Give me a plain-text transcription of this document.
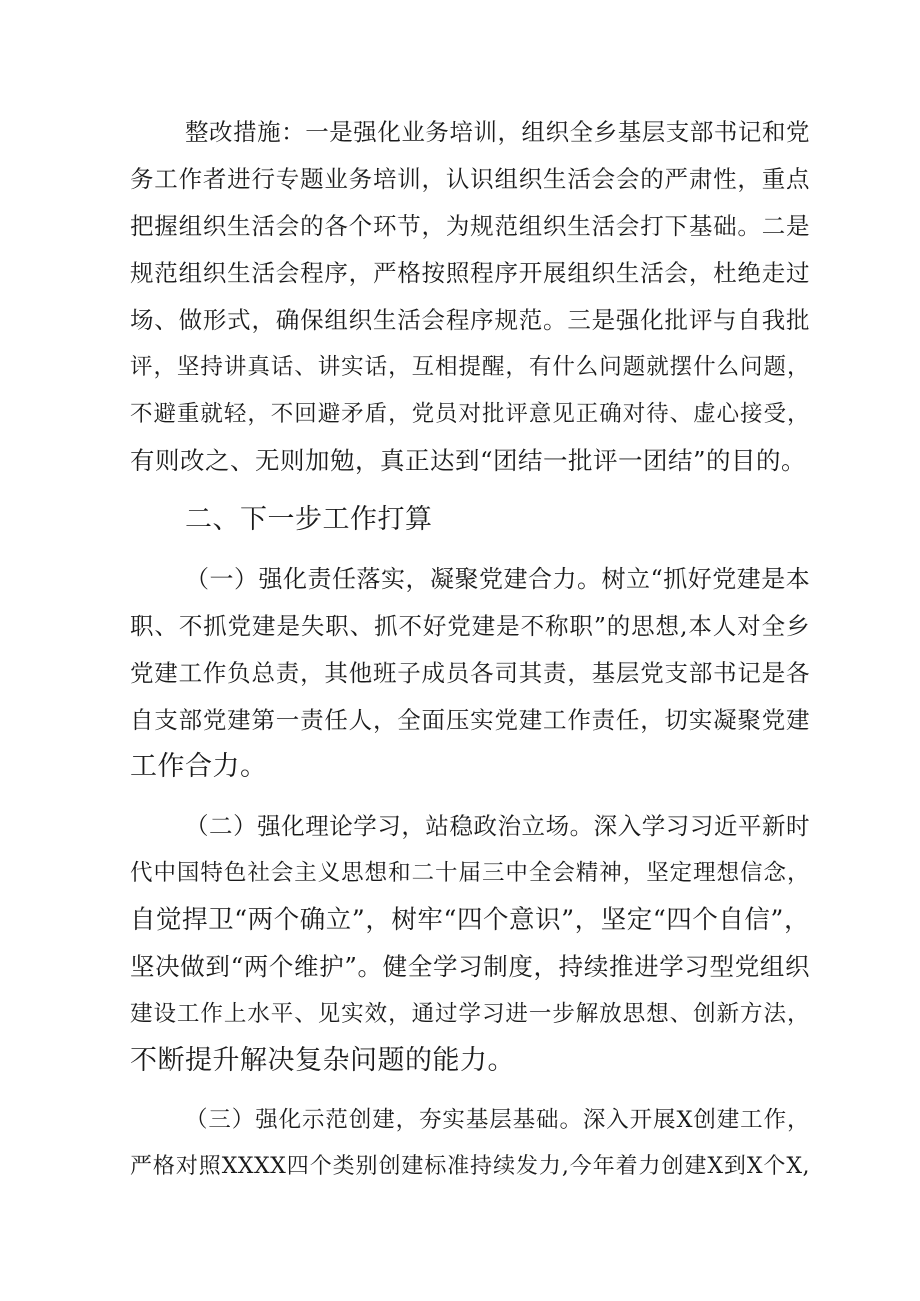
整改措施：一是强化业务培训，组织全乡基层支部书记和党

务工作者进行专题业务培训，认识组织生活会会的严肃性，重点

把握组织生活会的各个环节，为规范组织生活会打下基础。二是

规范组织生活会程序，严格按照程序开展组织生活会，杜绝走过

场、做形式，确保组织生活会程序规范。三是强化批评与自我批

评，坚持讲真话、讲实话，互相提醒，有什么问题就摆什么问题，

不避重就轻，不回避矛盾，党员对批评意见正确对待、虚心接受，

有则改之、无则加勉，真正达到“团结一批评一团结”的目的。

二、下一步工作打算

（一）强化责任落实，凝聚党建合力。树立“抓好党建是本

职、不抓党建是失职、抓不好党建是不称职”的思想,本人对全乡

党建工作负总责，其他班子成员各司其责，基层党支部书记是各

自支部党建第一责任人，全面压实党建工作责任，切实凝聚党建

工作合力。

（二）强化理论学习，站稳政治立场。深入学习习近平新时

代中国特色社会主义思想和二十届三中全会精神，坚定理想信念，

自觉捍卫“两个确立”，树牢“四个意识”，坚定“四个自信”，

坚决做到“两个维护”。健全学习制度，持续推进学习型党组织

建设工作上水平、见实效，通过学习进一步解放思想、创新方法，

不断提升解决复杂问题的能力。

（三）强化示范创建，夯实基层基础。深入开展X创建工作，

严格对照XXXX四个类别创建标准持续发力,今年着力创建X到X个X,
